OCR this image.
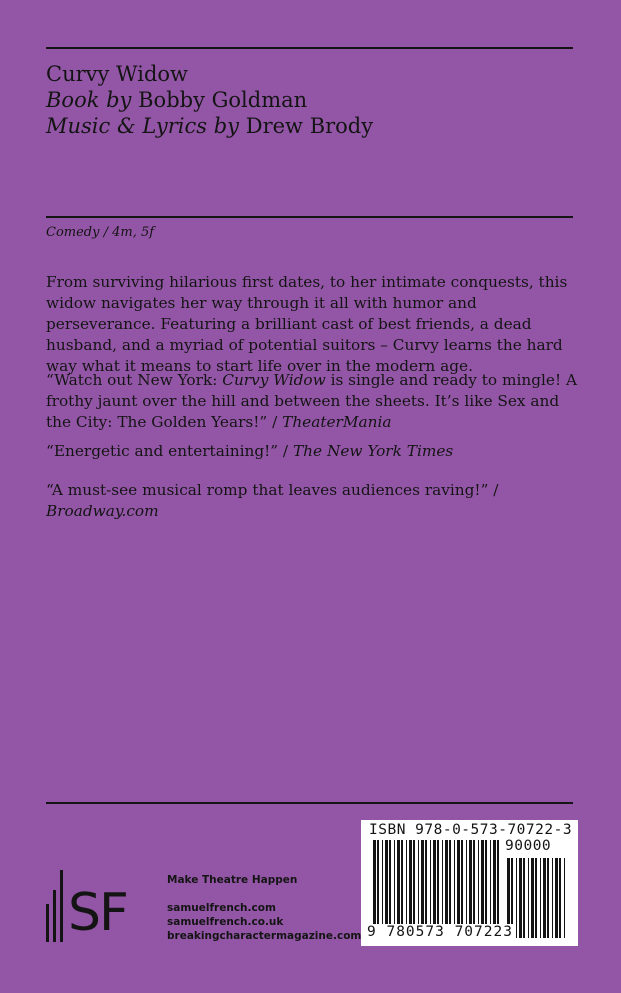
Curvy Widow
Book by Bobby Goldman
Music & Lyrics by Drew Brody
Comedy / 4m, 5f
From surviving hilarious first dates, to her intimate conquests, this widow navigates her way through it all with humor and perseverance. Featuring a brilliant cast of best friends, a dead husband, and a myriad of potential suitors – Curvy learns the hard way what it means to start life over in the modern age.
“Watch out New York: Curvy Widow is single and ready to mingle! A frothy jaunt over the hill and between the sheets. It’s like Sex and the City: The Golden Years!” / TheaterMania
“Energetic and entertaining!” / The New York Times
“A must-see musical romp that leaves audiences raving!” / Broadway.com
SF
Make Theatre Happen
samuelfrench.com
samuelfrench.co.uk
breakingcharactermagazine.com
ISBN 978-0-573-70722-3
90000
9 780573 707223
